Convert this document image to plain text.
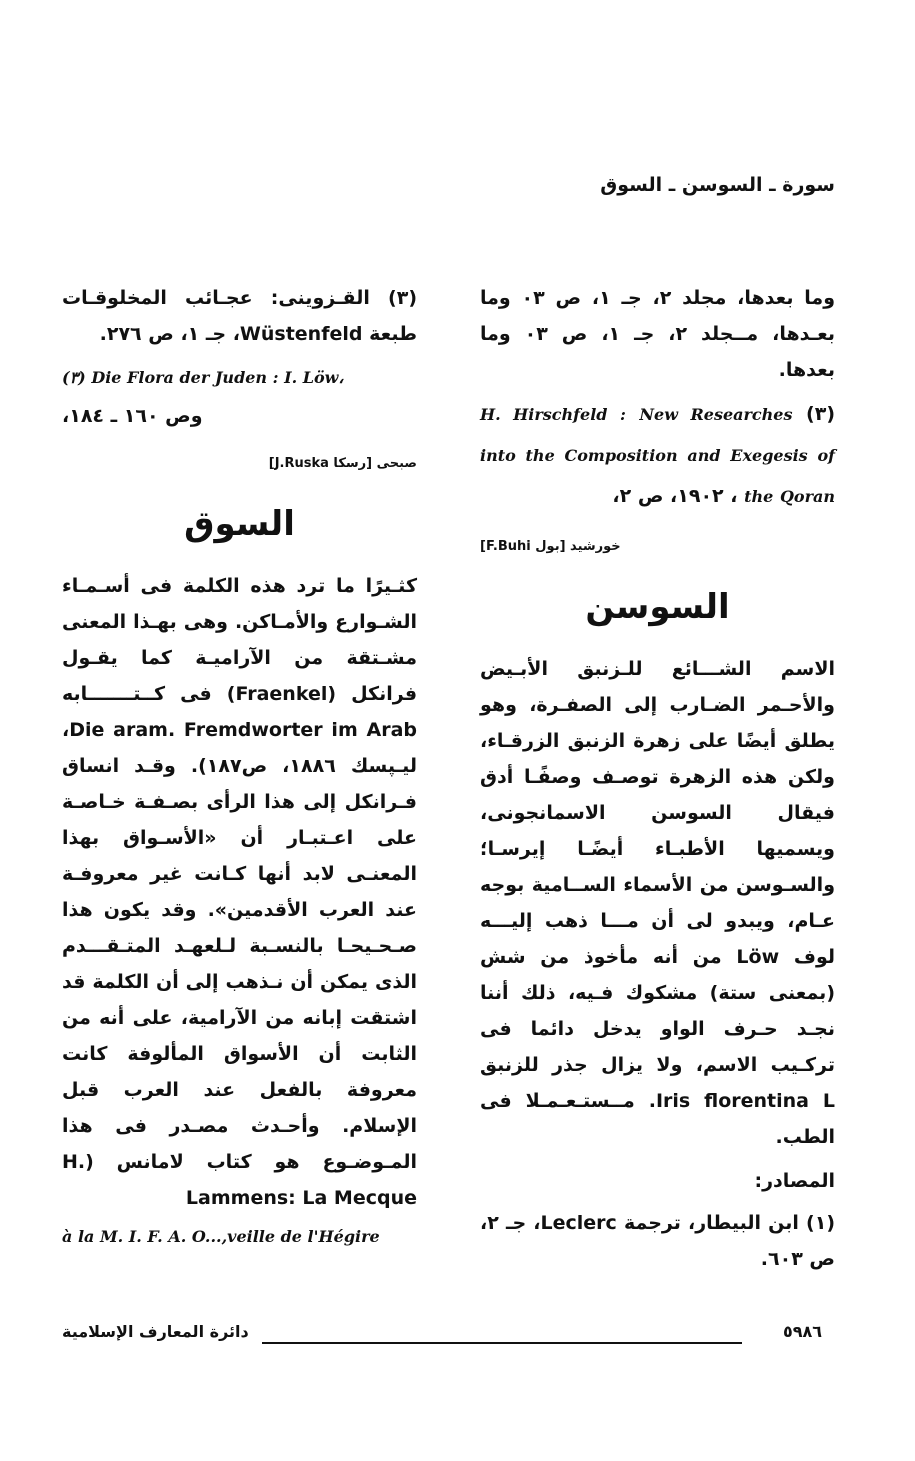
سورة ـ السوسن ـ السوق

وما بعدها، مجلد ٢، جـ ١، ص ٠٣ وما بعـدها، مــجلد ٢، جـ ١، ص ٠٣ وما بعدها.

(٣) H. Hirschfeld : New Researches into the Composition and Exegesis of the Qoran ، ١٩٠٢، ص ٢،

خورشيد [بول F.Buhi]
السوسن

الاسم الشـــائع للـزنبق الأبـيض والأحـمر الضـارب إلى الصفـرة، وهو يطلق أيضًا على زهرة الزنبق الزرقـاء، ولكن هذه الزهرة توصـف وصفًـا أدق فيقال السوسن الاسمانجونى، ويسميها الأطبـاء أيضًـا إيرسـا؛ والسـوسن من الأسماء الســامية بوجه عـام، ويبدو لى أن مـــا ذهب إليـــه لوف Löw من أنه مأخوذ من شش (بمعنى ستة) مشكوك فـيه، ذلك أننا نجـد حـرف الواو يدخل دائما فى تركـيب الاسم، ولا يزال جذر للزنبق Iris florentina L. مــستـعـمـلا فى الطب.

المصادر:

(١) ابن البيطار، ترجمة Leclerc، جـ ٢، ص ٦٠٣.

(٣) القـزوينى: عجـائب المخلوقـات طبعة Wüstenfeld، جـ ١، ص ٢٧٦.

(٣) Die Flora der Juden : I. Löw،

وص ١٦٠ ـ ١٨٤،

صبحى [رسكا J.Ruska]
السوق

كثـيرًا ما ترد هذه الكلمة فى أسـمـاء الشـوارع والأمـاكن. وهى بهـذا المعنى مشـتقة من الآراميـة كما يقـول فرانكل (Fraenkel) فى كــتـــــــابه Die aram. Fremdworter im Arab، ليـپسك ١٨٨٦، ص١٨٧). وقـد انساق فـرانكل إلى هذا الرأى بصـفـة خـاصـة على اعـتبـار أن «الأسـواق بهذا المعنـى لابد أنها كـانت غير معروفـة عند العرب الأقدمين». وقد يكون هذا صـحـيحـا بالنسـبة لـلعهـد المتـقـــدم الذى يمكن أن نـذهب إلى أن الكلمة قد اشتقت إبانه من الآرامية، على أنه من الثابت أن الأسواق المألوفة كانت معروفة بالفعل عند العرب قبل الإسلام. وأحـدث مصـدر فى هذا المـوضـوع هو كتاب لامانس (H. Lammens: La Mecque

à la M. I. F. A. O...,veille de l'Hégire

٥٩٨٦
دائرة المعارف الإسلامية
